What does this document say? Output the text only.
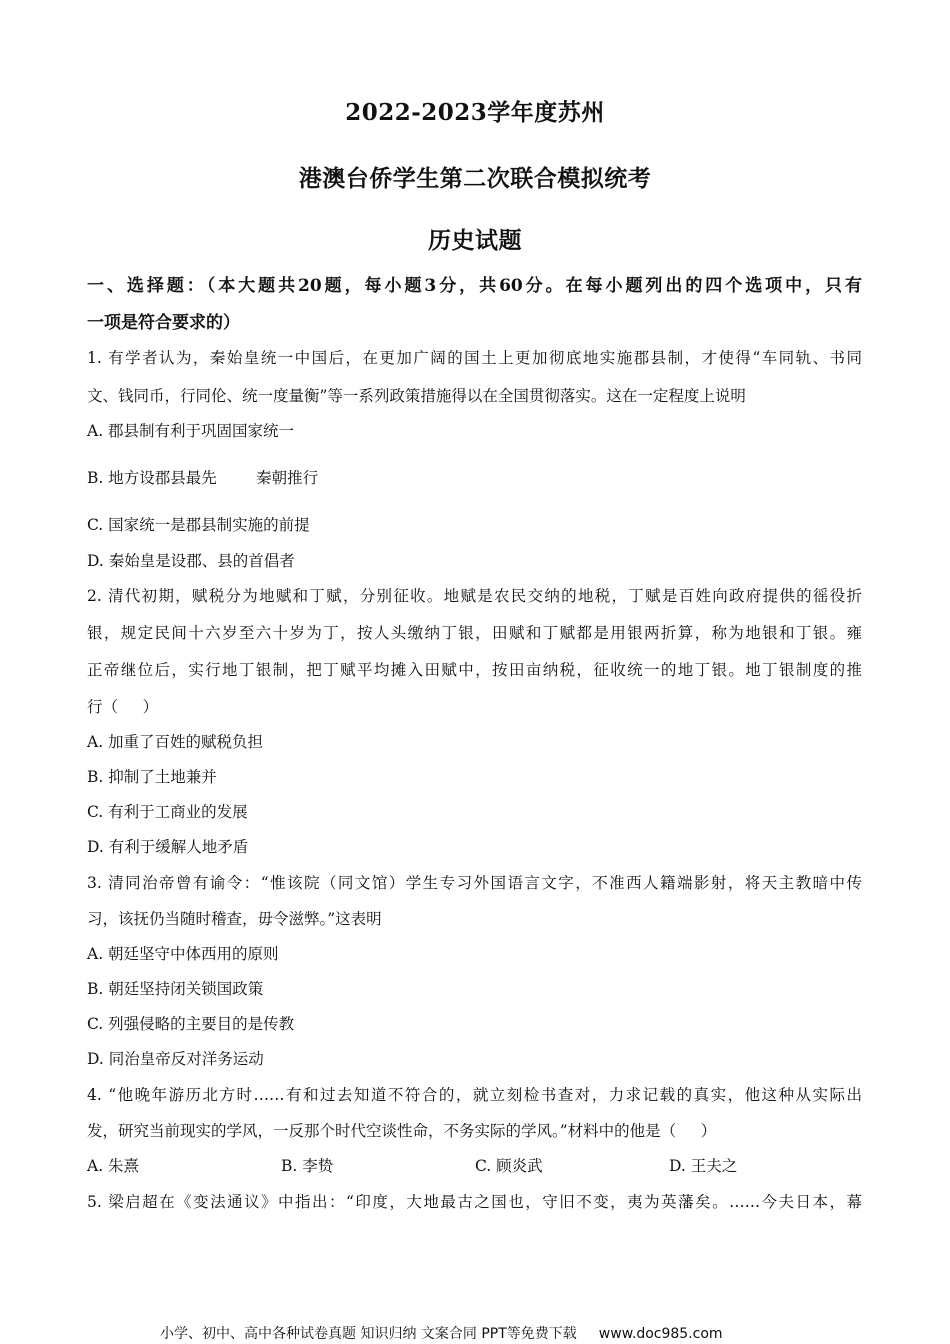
2022-2023学年度苏州
港澳台侨学生第二次联合模拟统考
历史试题
一、选择题：（本大题共20题，每小题3分，共60分。在每小题列出的四个选项中，只有
一项是符合要求的）
1. 有学者认为，秦始皇统一中国后，在更加广阔的国土上更加彻底地实施郡县制，才使得“车同轨、书同
文、钱同币，行同伦、统一度量衡”等一系列政策措施得以在全国贯彻落实。这在一定程度上说明
A. 郡县制有利于巩固国家统一
B. 地方设郡县最先        秦朝推行
C. 国家统一是郡县制实施的前提
D. 秦始皇是设郡、县的首倡者
2. 清代初期，赋税分为地赋和丁赋，分别征收。地赋是农民交纳的地税，丁赋是百姓向政府提供的徭役折
银，规定民间十六岁至六十岁为丁，按人头缴纳丁银，田赋和丁赋都是用银两折算，称为地银和丁银。雍
正帝继位后，实行地丁银制，把丁赋平均摊入田赋中，按田亩纳税，征收统一的地丁银。地丁银制度的推
行（     ）
A. 加重了百姓的赋税负担
B. 抑制了土地兼并
C. 有利于工商业的发展
D. 有利于缓解人地矛盾
3. 清同治帝曾有谕令：“惟该院（同文馆）学生专习外国语言文字，不准西人籍端影射，将天主教暗中传
习，该抚仍当随时稽查，毋令滋弊。”这表明
A. 朝廷坚守中体西用的原则
B. 朝廷坚持闭关锁国政策
C. 列强侵略的主要目的是传教
D. 同治皇帝反对洋务运动
4. “他晚年游历北方时……有和过去知道不符合的，就立刻检书查对，力求记载的真实，他这种从实际出
发，研究当前现实的学风，一反那个时代空谈性命，不务实际的学风。”材料中的他是（     ）
A. 朱熹	B. 李贽	C. 顾炎武	D. 王夫之
5. 梁启超在《变法通议》中指出：“印度，大地最古之国也，守旧不变，夷为英藩矣。……今夫日本，幕
小学、初中、高中各种试卷真题 知识归纳 文案合同 PPT等免费下载 www.doc985.com
